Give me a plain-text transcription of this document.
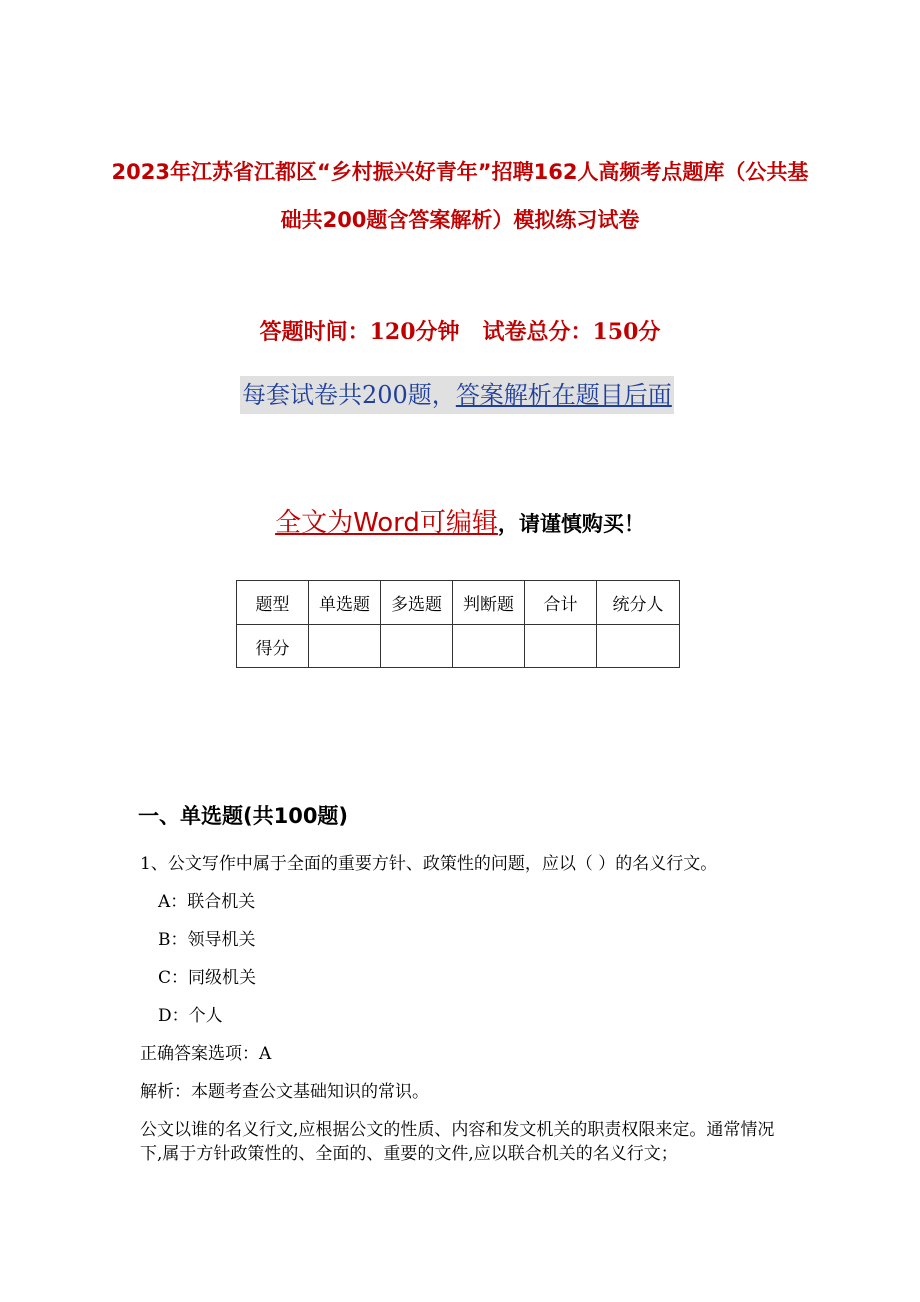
2023年江苏省江都区“乡村振兴好青年”招聘162人高频考点题库（公共基础共200题含答案解析）模拟练习试卷
答题时间：120分钟   试卷总分：150分
每套试卷共200题，答案解析在题目后面
全文为Word可编辑，请谨慎购买！
题型	单选题	多选题	判断题	合计	统分人
得分					
一、单选题(共100题)
1、公文写作中属于全面的重要方针、政策性的问题，应以（ ）的名义行文。
A：联合机关
B：领导机关
C：同级机关
D：个人
正确答案选项：A
解析：本题考查公文基础知识的常识。
公文以谁的名义行文,应根据公文的性质、内容和发文机关的职责权限来定。通常情况下,属于方针政策性的、全面的、重要的文件,应以联合机关的名义行文；
